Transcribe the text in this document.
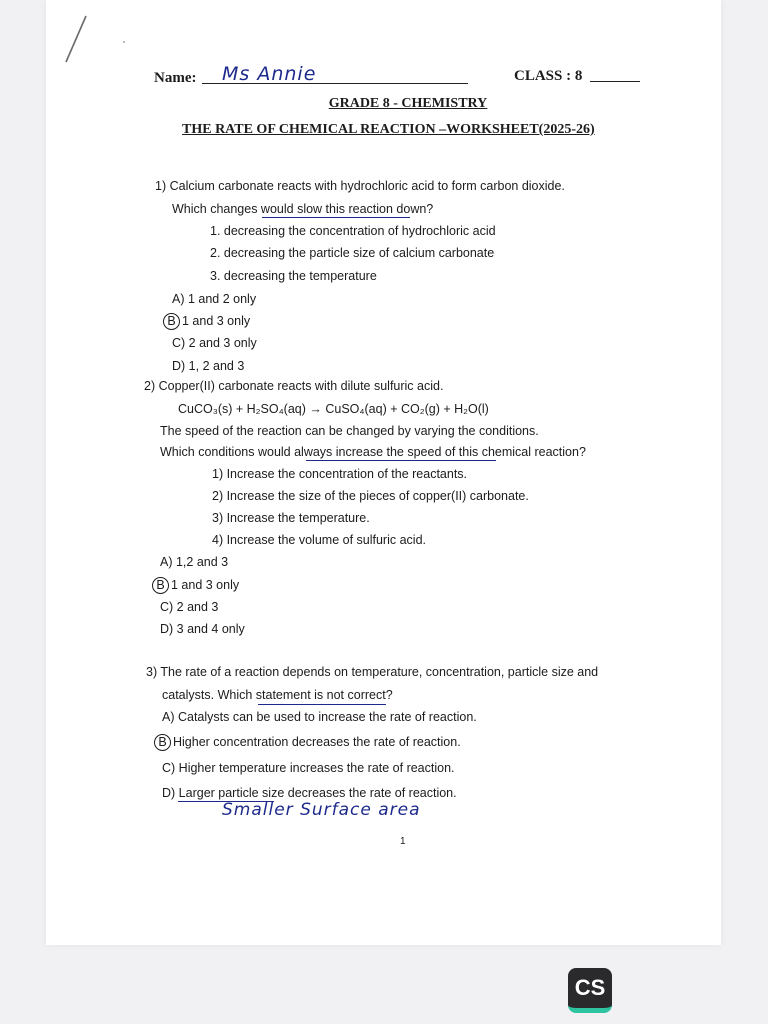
Name: Ms Annie	CLASS : 8
GRADE 8 - CHEMISTRY
THE RATE OF CHEMICAL REACTION –WORKSHEET(2025-26)
1) Calcium carbonate reacts with hydrochloric acid to form carbon dioxide.
Which changes would slow this reaction down?
1. decreasing the concentration of hydrochloric acid
2. decreasing the particle size of calcium carbonate
3. decreasing the temperature
A) 1 and 2 only
B 1 and 3 only
C) 2 and 3 only
D) 1, 2 and 3
2) Copper(II) carbonate reacts with dilute sulfuric acid.
CuCO₃(s) + H₂SO₄(aq) → CuSO₄(aq) + CO₂(g) + H₂O(l)
The speed of the reaction can be changed by varying the conditions.
Which conditions would always increase the speed of this chemical reaction?
1) Increase the concentration of the reactants.
2) Increase the size of the pieces of copper(II) carbonate.
3) Increase the temperature.
4) Increase the volume of sulfuric acid.
A) 1,2 and 3
B 1 and 3 only
C) 2 and 3
D) 3 and 4 only
3) The rate of a reaction depends on temperature, concentration, particle size and
catalysts. Which statement is not correct?
A) Catalysts can be used to increase the rate of reaction.
B Higher concentration decreases the rate of reaction.
C) Higher temperature increases the rate of reaction.
D) Larger particle size decreases the rate of reaction.
Smaller Surface area
1
CS
